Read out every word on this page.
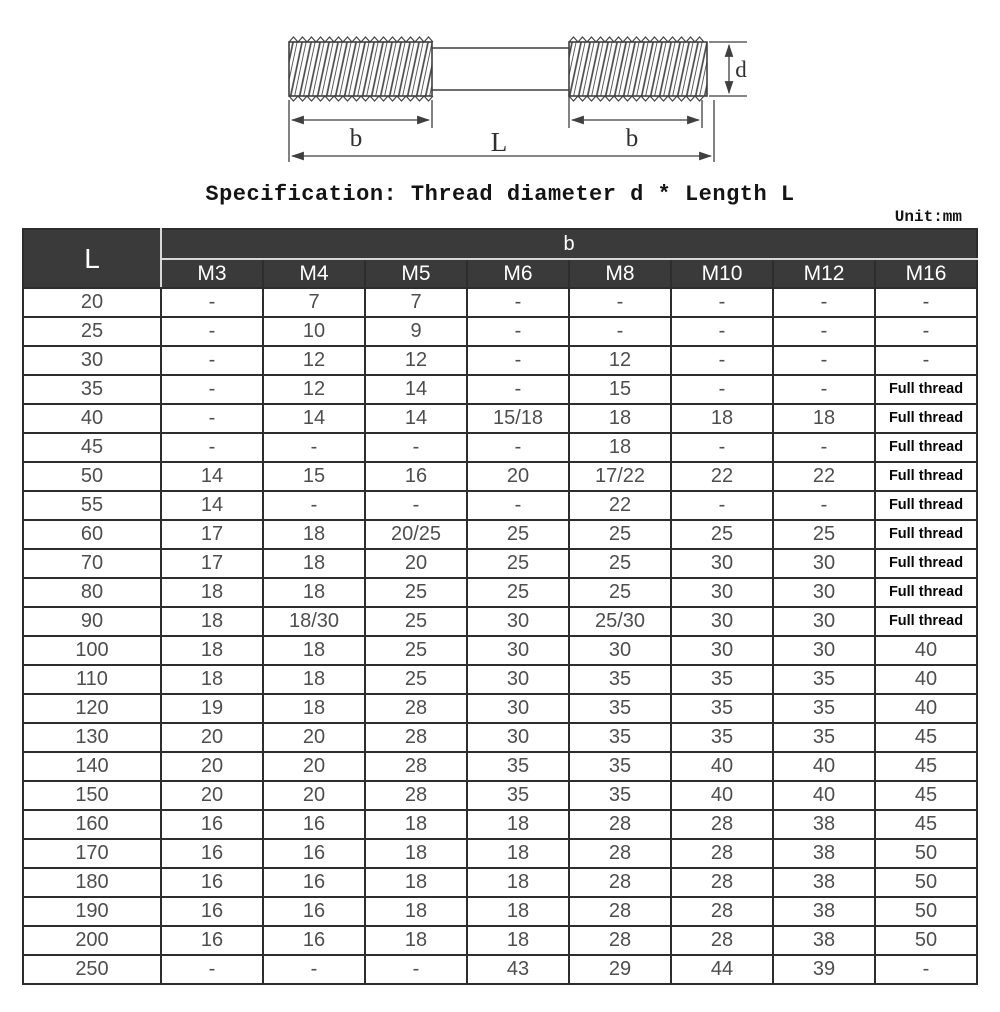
b	b
L
d
Specification: Thread diameter d * Length L
Unit:mm
L	b							
	M3	M4	M5	M6	M8	M10	M12	M16
20	-	7	7	-	-	-	-	-
25	-	10	9	-	-	-	-	-
30	-	12	12	-	12	-	-	-
35	-	12	14	-	15	-	-	Full thread
40	-	14	14	15/18	18	18	18	Full thread
45	-	-	-	-	18	-	-	Full thread
50	14	15	16	20	17/22	22	22	Full thread
55	14	-	-	-	22	-	-	Full thread
60	17	18	20/25	25	25	25	25	Full thread
70	17	18	20	25	25	30	30	Full thread
80	18	18	25	25	25	30	30	Full thread
90	18	18/30	25	30	25/30	30	30	Full thread
100	18	18	25	30	30	30	30	40
110	18	18	25	30	35	35	35	40
120	19	18	28	30	35	35	35	40
130	20	20	28	30	35	35	35	45
140	20	20	28	35	35	40	40	45
150	20	20	28	35	35	40	40	45
160	16	16	18	18	28	28	38	45
170	16	16	18	18	28	28	38	50
180	16	16	18	18	28	28	38	50
190	16	16	18	18	28	28	38	50
200	16	16	18	18	28	28	38	50
250	-	-	-	43	29	44	39	-
